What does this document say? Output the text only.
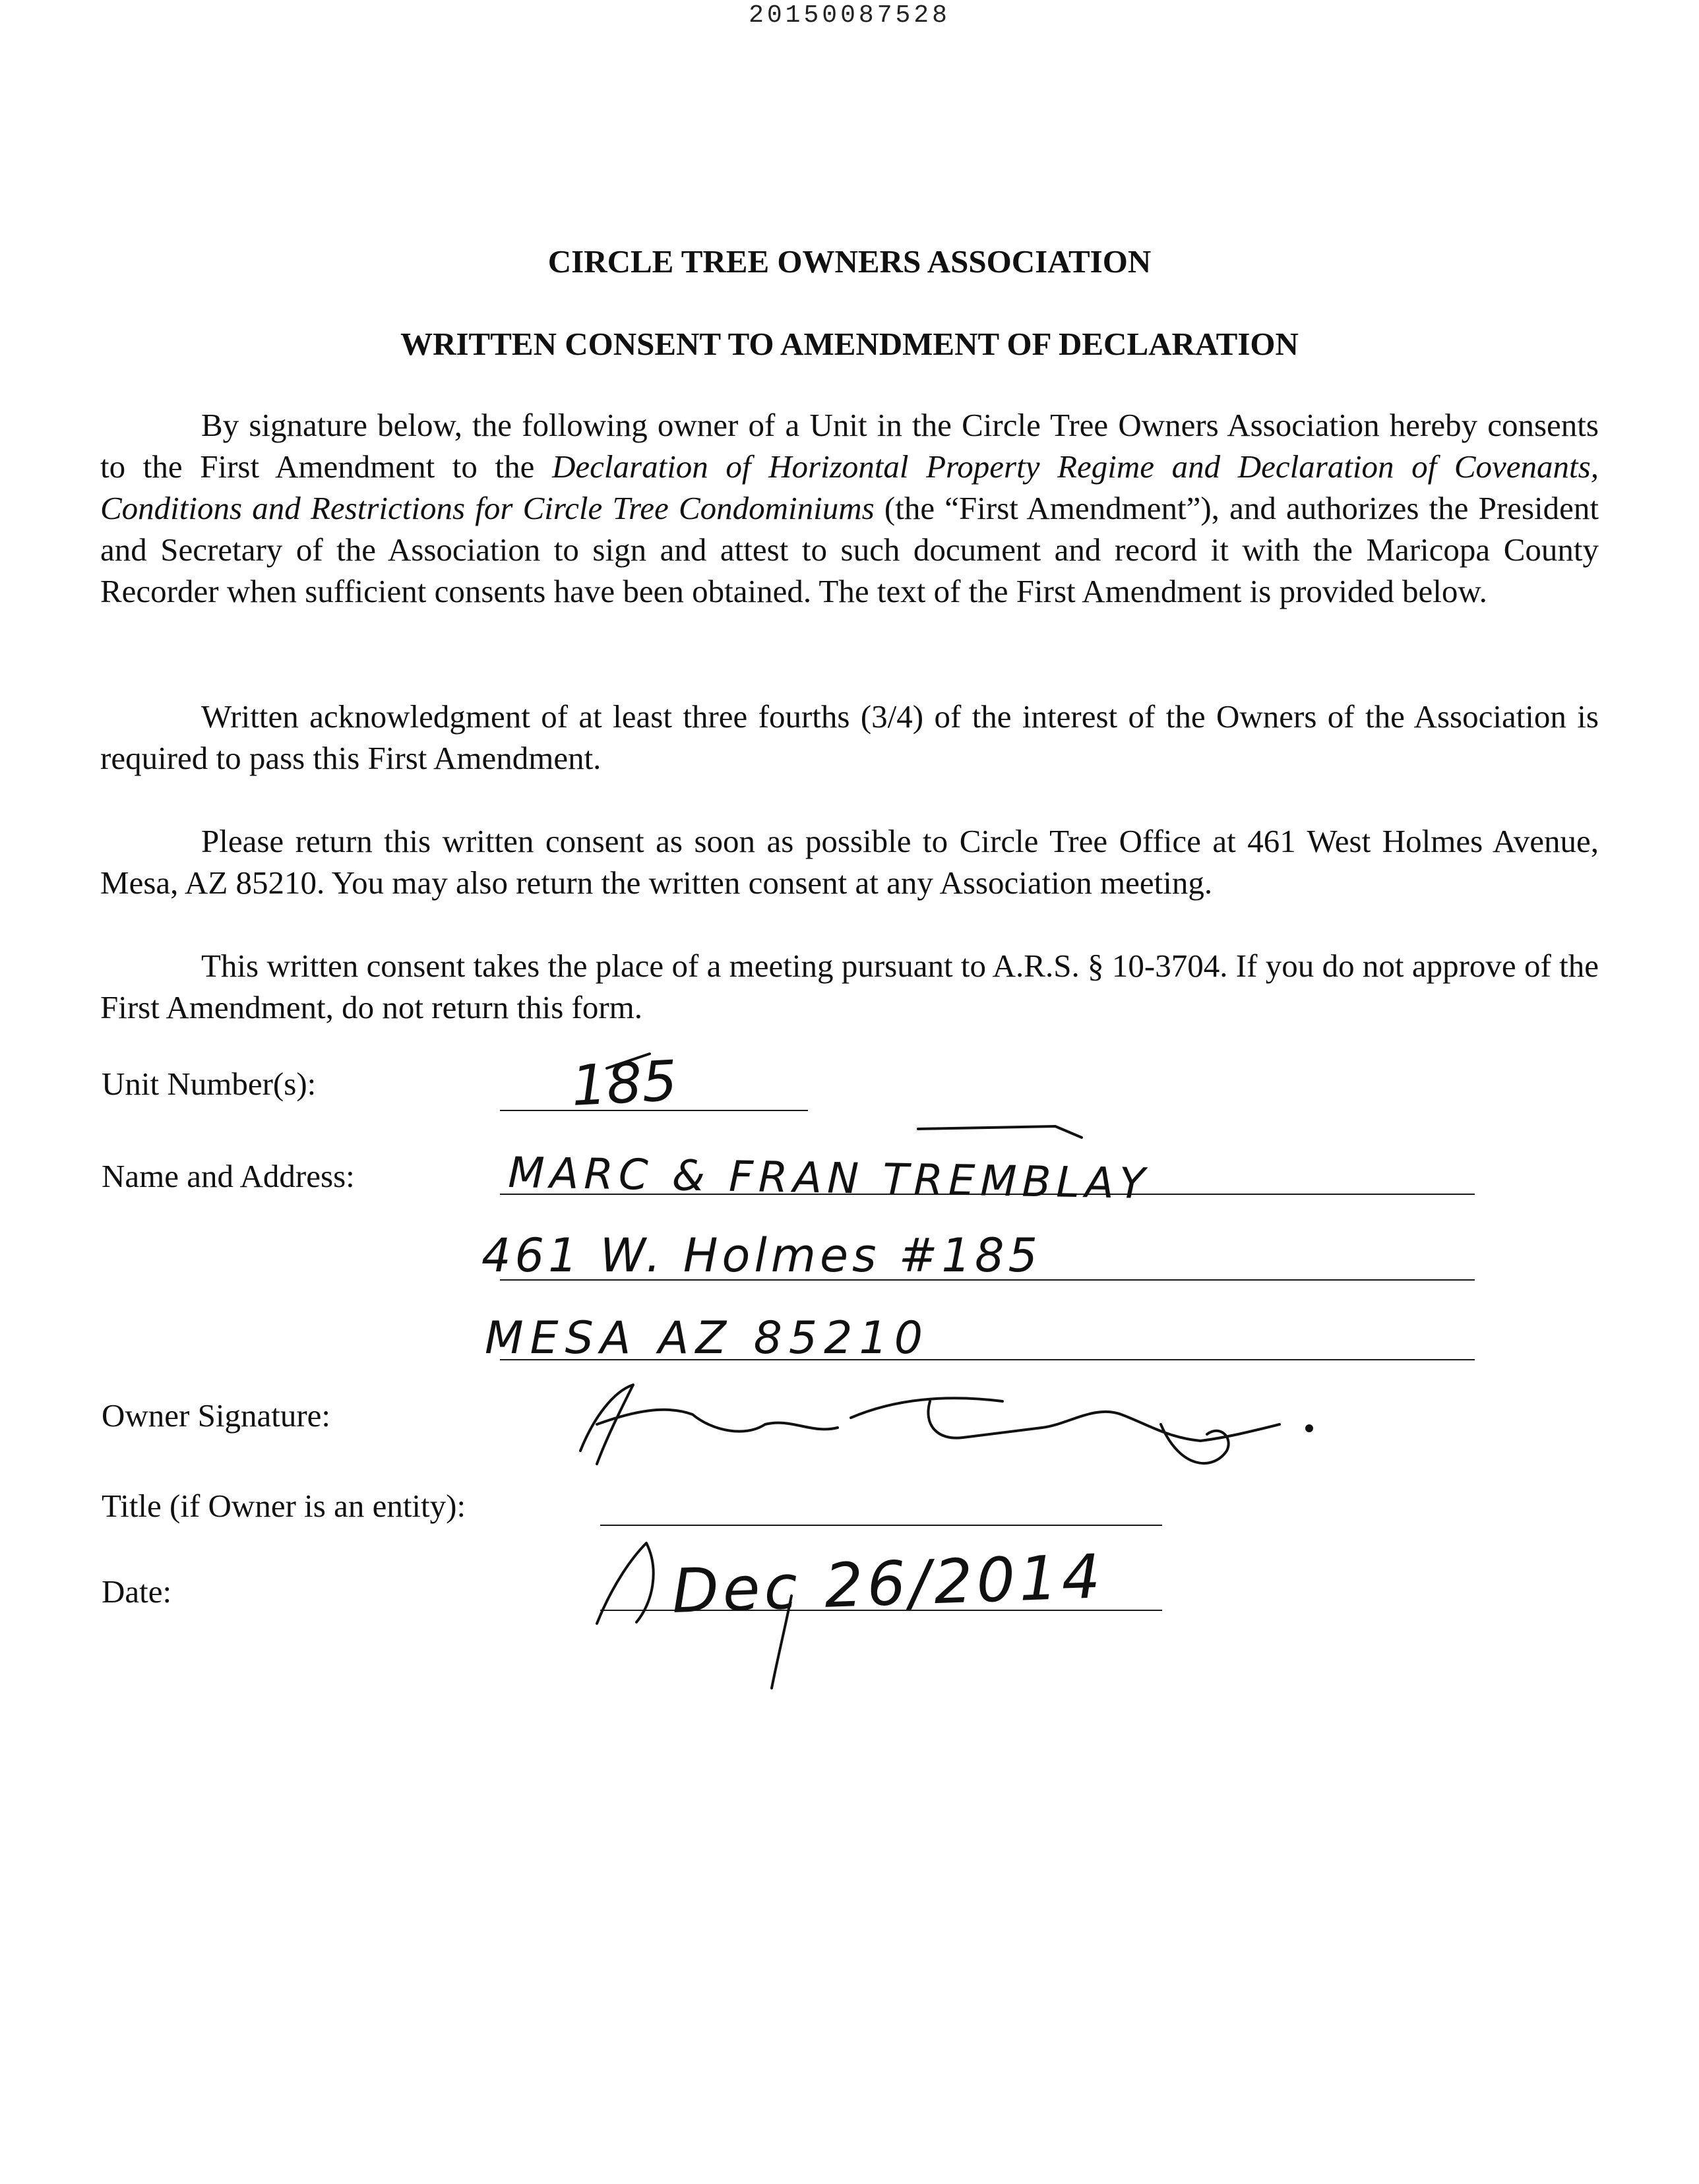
20150087528
CIRCLE TREE OWNERS ASSOCIATION
WRITTEN CONSENT TO AMENDMENT OF DECLARATION
By signature below, the following owner of a Unit in the Circle Tree Owners Association hereby consents to the First Amendment to the Declaration of Horizontal Property Regime and Declaration of Covenants, Conditions and Restrictions for Circle Tree Condominiums (the “First Amendment”), and authorizes the President and Secretary of the Association to sign and attest to such document and record it with the Maricopa County Recorder when sufficient consents have been obtained. The text of the First Amendment is provided below.
Written acknowledgment of at least three fourths (3/4) of the interest of the Owners of the Association is required to pass this First Amendment.
Please return this written consent as soon as possible to Circle Tree Office at 461 West Holmes Avenue, Mesa, AZ 85210. You may also return the written consent at any Association meeting.
This written consent takes the place of a meeting pursuant to A.R.S. § 10-3704. If you do not approve of the First Amendment, do not return this form.
Unit Number(s):
Name and Address:
Owner Signature:
Title (if Owner is an entity):
Date:
185
MARC & FRAN TREMBLAY
461 W. Holmes #185
MESA AZ 85210
Marc Tremblay
Dec 26/2014
